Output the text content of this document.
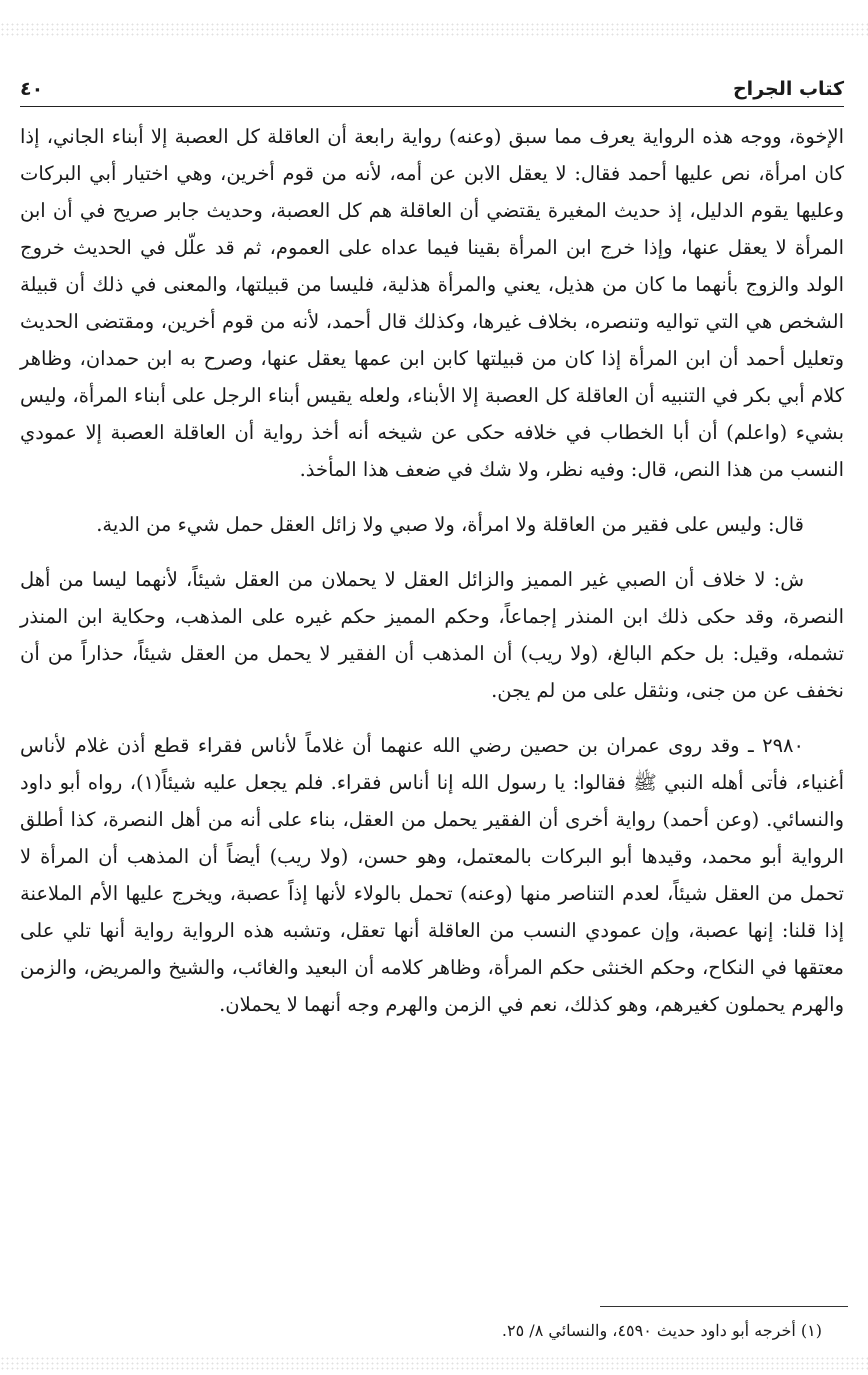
كتاب الجراح
٤٠

الإخوة، ووجه هذه الرواية يعرف مما سبق (وعنه) رواية رابعة أن العاقلة كل العصبة إلا أبناء الجاني، إذا كان امرأة، نص عليها أحمد فقال: لا يعقل الابن عن أمه، لأنه من قوم أخرين، وهي اختيار أبي البركات وعليها يقوم الدليل، إذ حديث المغيرة يقتضي أن العاقلة هم كل العصبة، وحديث جابر صريح في أن ابن المرأة لا يعقل عنها، وإذا خرج ابن المرأة بقينا فيما عداه على العموم، ثم قد علّل في الحديث خروج الولد والزوج بأنهما ما كان من هذيل، يعني والمرأة هذلية، فليسا من قبيلتها، والمعنى في ذلك أن قبيلة الشخص هي التي تواليه وتنصره، بخلاف غيرها، وكذلك قال أحمد، لأنه من قوم أخرين، ومقتضى الحديث وتعليل أحمد أن ابن المرأة إذا كان من قبيلتها كابن ابن عمها يعقل عنها، وصرح به ابن حمدان، وظاهر كلام أبي بكر في التنبيه أن العاقلة كل العصبة إلا الأبناء، ولعله يقيس أبناء الرجل على أبناء المرأة، وليس بشيء (واعلم) أن أبا الخطاب في خلافه حكى عن شيخه أنه أخذ رواية أن العاقلة العصبة إلا عمودي النسب من هذا النص، قال: وفيه نظر، ولا شك في ضعف هذا المأخذ.

قال: وليس على فقير من العاقلة ولا امرأة، ولا صبي ولا زائل العقل حمل شيء من الدية.

ش: لا خلاف أن الصبي غير المميز والزائل العقل لا يحملان من العقل شيئاً، لأنهما ليسا من أهل النصرة، وقد حكى ذلك ابن المنذر إجماعاً، وحكم المميز حكم غيره على المذهب، وحكاية ابن المنذر تشمله، وقيل: بل حكم البالغ، (ولا ريب) أن المذهب أن الفقير لا يحمل من العقل شيئاً، حذاراً من أن نخفف عن من جنى، ونثقل على من لم يجن.

٢٩٨٠ ـ وقد روى عمران بن حصين رضي الله عنهما أن غلاماً لأناس فقراء قطع أذن غلام لأناس أغنياء، فأتى أهله النبي ﷺ فقالوا: يا رسول الله إنا أناس فقراء. فلم يجعل عليه شيئاً(١)، رواه أبو داود والنسائي. (وعن أحمد) رواية أخرى أن الفقير يحمل من العقل، بناء على أنه من أهل النصرة، كذا أطلق الرواية أبو محمد، وقيدها أبو البركات بالمعتمل، وهو حسن، (ولا ريب) أيضاً أن المذهب أن المرأة لا تحمل من العقل شيئاً، لعدم التناصر منها (وعنه) تحمل بالولاء لأنها إذاً عصبة، ويخرج عليها الأم الملاعنة إذا قلنا: إنها عصبة، وإن عمودي النسب من العاقلة أنها تعقل، وتشبه هذه الرواية رواية أنها تلي على معتقها في النكاح، وحكم الخنثى حكم المرأة، وظاهر كلامه أن البعيد والغائب، والشيخ والمريض، والزمن والهرم يحملون كغيرهم، وهو كذلك، نعم في الزمن والهرم وجه أنهما لا يحملان.

(١) أخرجه أبو داود حديث ٤٥٩٠، والنسائي ٨/ ٢٥.
